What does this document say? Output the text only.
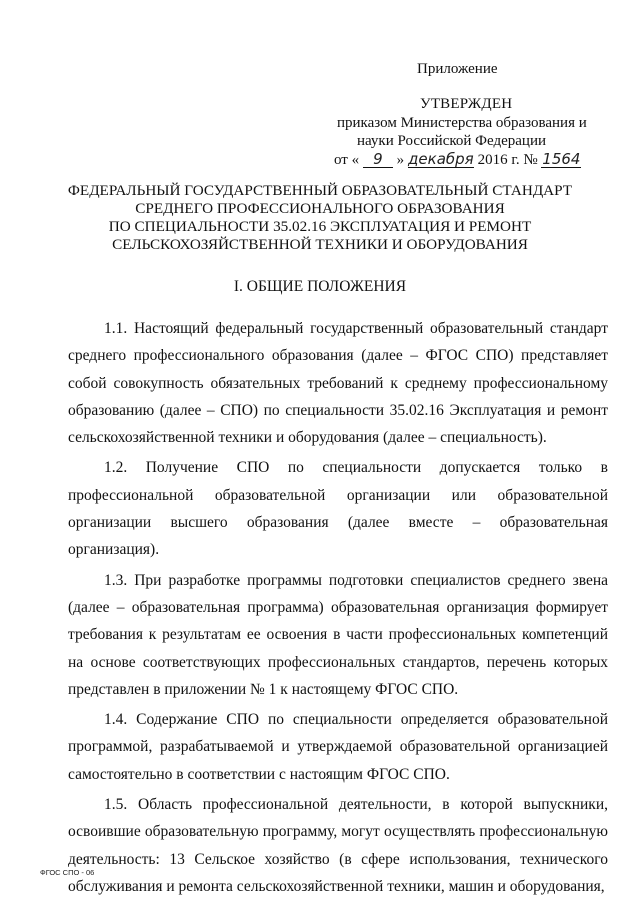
Приложение
УТВЕРЖДЕН
приказом Министерства образования и
науки Российской Федерации
от « 9 » декабря 2016 г. № 1564
ФЕДЕРАЛЬНЫЙ ГОСУДАРСТВЕННЫЙ ОБРАЗОВАТЕЛЬНЫЙ СТАНДАРТ
СРЕДНЕГО ПРОФЕССИОНАЛЬНОГО ОБРАЗОВАНИЯ
ПО СПЕЦИАЛЬНОСТИ 35.02.16 ЭКСПЛУАТАЦИЯ И РЕМОНТ
СЕЛЬСКОХОЗЯЙСТВЕННОЙ ТЕХНИКИ И ОБОРУДОВАНИЯ
I. ОБЩИЕ ПОЛОЖЕНИЯ

1.1. Настоящий федеральный государственный образовательный стандарт среднего профессионального образования (далее – ФГОС СПО) представляет собой совокупность обязательных требований к среднему профессиональному образованию (далее – СПО) по специальности 35.02.16 Эксплуатация и ремонт сельскохозяйственной техники и оборудования (далее – специальность).

1.2. Получение СПО по специальности допускается только в профессиональной образовательной организации или образовательной организации высшего образования (далее вместе – образовательная организация).

1.3. При разработке программы подготовки специалистов среднего звена (далее – образовательная программа) образовательная организация формирует требования к результатам ее освоения в части профессиональных компетенций на основе соответствующих профессиональных стандартов, перечень которых представлен в приложении № 1 к настоящему ФГОС СПО.

1.4. Содержание СПО по специальности определяется образовательной программой, разрабатываемой и утверждаемой образовательной организацией самостоятельно в соответствии с настоящим ФГОС СПО.

1.5. Область профессиональной деятельности, в которой выпускники, освоившие образовательную программу, могут осуществлять профессиональную деятельность: 13 Сельское хозяйство (в сфере использования, технического обслуживания и ремонта сельскохозяйственной техники, машин и оборудования,

ФГОС СПО - 06
